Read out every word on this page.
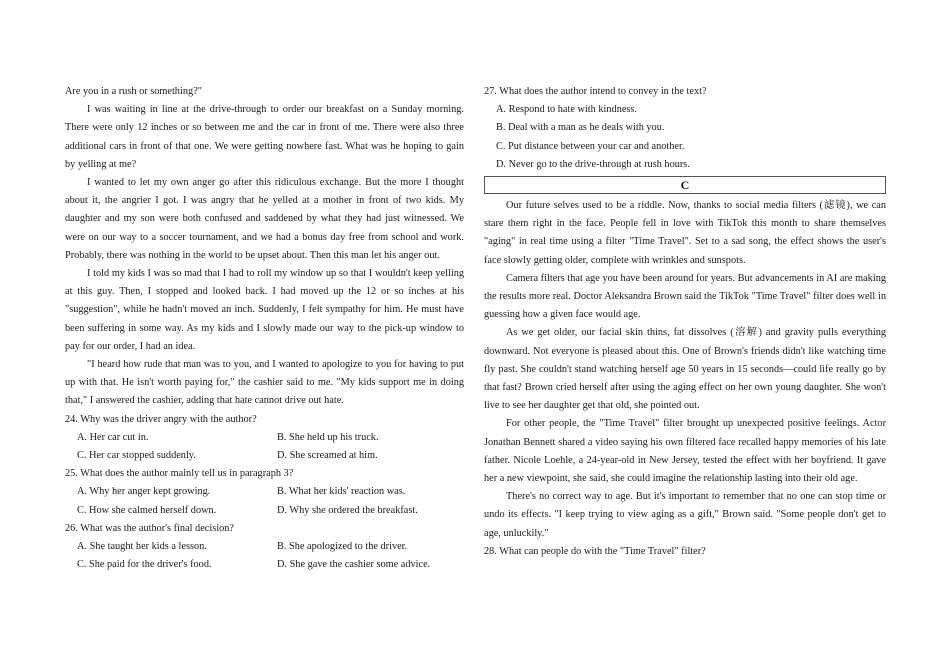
Are you in a rush or something?"
I was waiting in line at the drive-through to order our breakfast on a Sunday morning. There were only 12 inches or so between me and the car in front of me. There were also three additional cars in front of that one. We were getting nowhere fast. What was he hoping to gain by yelling at me?
I wanted to let my own anger go after this ridiculous exchange. But the more I thought about it, the angrier I got. I was angry that he yelled at a mother in front of two kids. My daughter and my son were both confused and saddened by what they had just witnessed. We were on our way to a soccer tournament, and we had a bonus day free from school and work. Probably, there was nothing in the world to be upset about. Then this man let his anger out.
I told my kids I was so mad that I had to roll my window up so that I wouldn't keep yelling at this guy. Then, I stopped and looked back. I had moved up the 12 or so inches at his "suggestion", while he hadn't moved an inch. Suddenly, I felt sympathy for him. He must have been suffering in some way. As my kids and I slowly made our way to the pick-up window to pay for our order, I had an idea.
"I heard how rude that man was to you, and I wanted to apologize to you for having to put up with that. He isn't worth paying for," the cashier said to me. "My kids support me in doing that," I answered the cashier, adding that hate cannot drive out hate.
24. Why was the driver angry with the author?
A. Her car cut in.	B. She held up his truck.
C. Her car stopped suddenly.	D. She screamed at him.
25. What does the author mainly tell us in paragraph 3?
A. Why her anger kept growing.	B. What her kids' reaction was.
C. How she calmed herself down.	D. Why she ordered the breakfast.
26. What was the author's final decision?
A. She taught her kids a lesson.	B. She apologized to the driver.
C. She paid for the driver's food.	D. She gave the cashier some advice.
27. What does the author intend to convey in the text?
A. Respond to hate with kindness.
B. Deal with a man as he deals with you.
C. Put distance between your car and another.
D. Never go to the drive-through at rush hours.
C
Our future selves used to be a riddle. Now, thanks to social media filters (滤镜), we can stare them right in the face. People fell in love with TikTok this month to share themselves "aging" in real time using a filter "Time Travel". Set to a sad song, the effect shows the user's face slowly getting older, complete with wrinkles and sunspots.
Camera filters that age you have been around for years. But advancements in AI are making the results more real. Doctor Aleksandra Brown said the TikTok "Time Travel" filter does well in guessing how a given face would age.
As we get older, our facial skin thins, fat dissolves (溶解) and gravity pulls everything downward. Not everyone is pleased about this. One of Brown's friends didn't like watching time fly past. She couldn't stand watching herself age 50 years in 15 seconds—could life really go by that fast? Brown cried herself after using the aging effect on her own young daughter. She won't live to see her daughter get that old, she pointed out.
For other people, the "Time Travel" filter brought up unexpected positive feelings. Actor Jonathan Bennett shared a video saying his own filtered face recalled happy memories of his late father. Nicole Loehle, a 24-year-old in New Jersey, tested the effect with her boyfriend. It gave her a new viewpoint, she said, she could imagine the relationship lasting into their old age.
There's no correct way to age. But it's important to remember that no one can stop time or undo its effects. "I keep trying to view aging as a gift," Brown said. "Some people don't get to age, unluckily."
28. What can people do with the "Time Travel" filter?
